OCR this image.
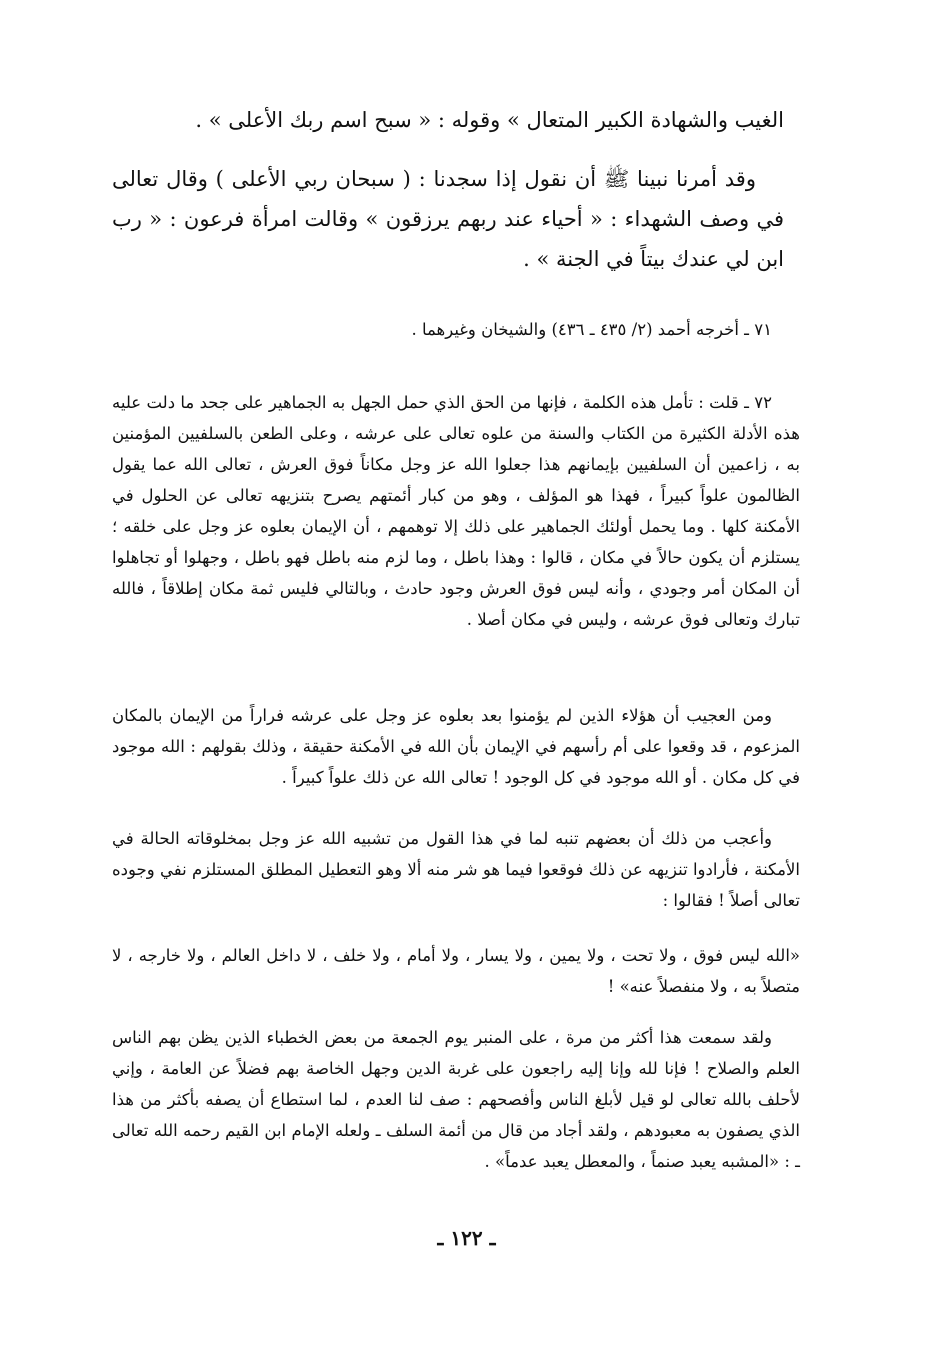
الغيب والشهادة الكبير المتعال » وقوله : « سبح اسم ربك الأعلى » .

وقد أمرنا نبينا ﷺ أن نقول إذا سجدنا : ( سبحان ربي الأعلى ) وقال تعالى في وصف الشهداء : « أحياء عند ربهم يرزقون » وقالت امرأة فرعون : « رب ابن لي عندك بيتاً في الجنة » .

٧١ ـ أخرجه أحمد (٢/ ٤٣٥ ـ ٤٣٦) والشيخان وغيرهما .

٧٢ ـ قلت : تأمل هذه الكلمة ، فإنها من الحق الذي حمل الجهل به الجماهير على جحد ما دلت عليه هذه الأدلة الكثيرة من الكتاب والسنة من علوه تعالى على عرشه ، وعلى الطعن بالسلفيين المؤمنين به ، زاعمين أن السلفيين بإيمانهم هذا جعلوا الله عز وجل مكاناً فوق العرش ، تعالى الله عما يقول الظالمون علواً كبيراً ، فهذا هو المؤلف ، وهو من كبار أئمتهم يصرح بتنزيهه تعالى عن الحلول في الأمكنة كلها . وما يحمل أولئك الجماهير على ذلك إلا توهمهم ، أن الإيمان بعلوه عز وجل على خلقه ؛ يستلزم أن يكون حالاً في مكان ، قالوا : وهذا باطل ، وما لزم منه باطل فهو باطل ، وجهلوا أو تجاهلوا أن المكان أمر وجودي ، وأنه ليس فوق العرش وجود حادث ، وبالتالي فليس ثمة مكان إطلاقاً ، فالله تبارك وتعالى فوق عرشه ، وليس في مكان أصلا .

ومن العجيب أن هؤلاء الذين لم يؤمنوا بعد بعلوه عز وجل على عرشه فراراً من الإيمان بالمكان المزعوم ، قد وقعوا على أم رأسهم في الإيمان بأن الله في الأمكنة حقيقة ، وذلك بقولهم : الله موجود في كل مكان . أو الله موجود في كل الوجود ! تعالى الله عن ذلك علواً كبيراً .

وأعجب من ذلك أن بعضهم تنبه لما في هذا القول من تشبيه الله عز وجل بمخلوقاته الحالة في الأمكنة ، فأرادوا تنزيهه عن ذلك فوقعوا فيما هو شر منه ألا وهو التعطيل المطلق المستلزم نفي وجوده تعالى أصلاً ! فقالوا :

«الله ليس فوق ، ولا تحت ، ولا يمين ، ولا يسار ، ولا أمام ، ولا خلف ، لا داخل العالم ، ولا خارجه ، لا متصلاً به ، ولا منفصلاً عنه» !

ولقد سمعت هذا أكثر من مرة ، على المنبر يوم الجمعة من بعض الخطباء الذين يظن بهم الناس العلم والصلاح ! فإنا لله وإنا إليه راجعون على غربة الدين وجهل الخاصة بهم فضلاً عن العامة ، وإني لأحلف بالله تعالى لو قيل لأبلغ الناس وأفصحهم : صف لنا العدم ، لما استطاع أن يصفه بأكثر من هذا الذي يصفون به معبودهم ، ولقد أجاد من قال من أئمة السلف ـ ولعله الإمام ابن القيم رحمه الله تعالى ـ : «المشبه يعبد صنماً ، والمعطل يعبد عدماً» .

ـ ١٢٢ ـ
